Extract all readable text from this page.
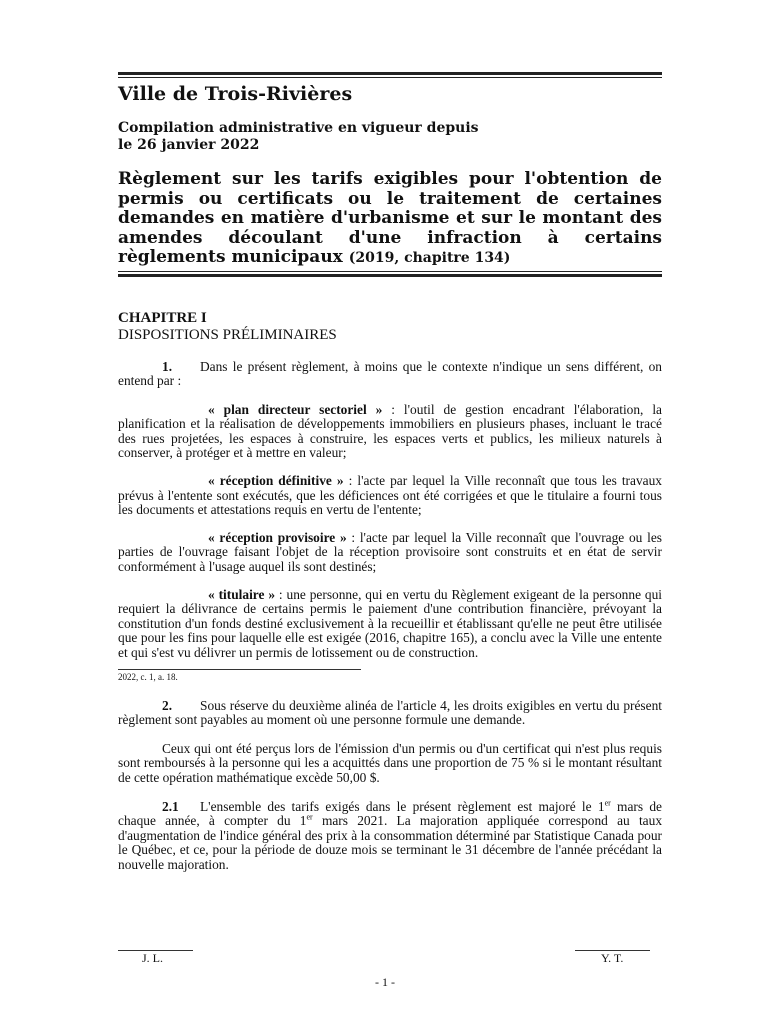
Ville de Trois-Rivières
Compilation administrative en vigueur depuis
le 26 janvier 2022
Règlement sur les tarifs exigibles pour l'obtention de permis ou certificats ou le traitement de certaines demandes en matière d'urbanisme et sur le montant des amendes découlant d'une infraction à certains règlements municipaux (2019, chapitre 134)
CHAPITRE I
DISPOSITIONS PRÉLIMINAIRES

1. Dans le présent règlement, à moins que le contexte n'indique un sens différent, on entend par :

« plan directeur sectoriel » : l'outil de gestion encadrant l'élaboration, la planification et la réalisation de développements immobiliers en plusieurs phases, incluant le tracé des rues projetées, les espaces à construire, les espaces verts et publics, les milieux naturels à conserver, à protéger et à mettre en valeur;

« réception définitive » : l'acte par lequel la Ville reconnaît que tous les travaux prévus à l'entente sont exécutés, que les déficiences ont été corrigées et que le titulaire a fourni tous les documents et attestations requis en vertu de l'entente;

« réception provisoire » : l'acte par lequel la Ville reconnaît que l'ouvrage ou les parties de l'ouvrage faisant l'objet de la réception provisoire sont construits et en état de servir conformément à l'usage auquel ils sont destinés;

« titulaire » : une personne, qui en vertu du Règlement exigeant de la personne qui requiert la délivrance de certains permis le paiement d'une contribution financière, prévoyant la constitution d'un fonds destiné exclusivement à la recueillir et établissant qu'elle ne peut être utilisée que pour les fins pour laquelle elle est exigée (2016, chapitre 165), a conclu avec la Ville une entente et qui s'est vu délivrer un permis de lotissement ou de construction.

2022, c. 1, a. 18.

2. Sous réserve du deuxième alinéa de l'article 4, les droits exigibles en vertu du présent règlement sont payables au moment où une personne formule une demande.

Ceux qui ont été perçus lors de l'émission d'un permis ou d'un certificat qui n'est plus requis sont remboursés à la personne qui les a acquittés dans une proportion de 75 % si le montant résultant de cette opération mathématique excède 50,00 $.

2.1 L'ensemble des tarifs exigés dans le présent règlement est majoré le 1er mars de chaque année, à compter du 1er mars 2021. La majoration appliquée correspond au taux d'augmentation de l'indice général des prix à la consommation déterminé par Statistique Canada pour le Québec, et ce, pour la période de douze mois se terminant le 31 décembre de l'année précédant la nouvelle majoration.

J. L.	Y. T.
- 1 -
